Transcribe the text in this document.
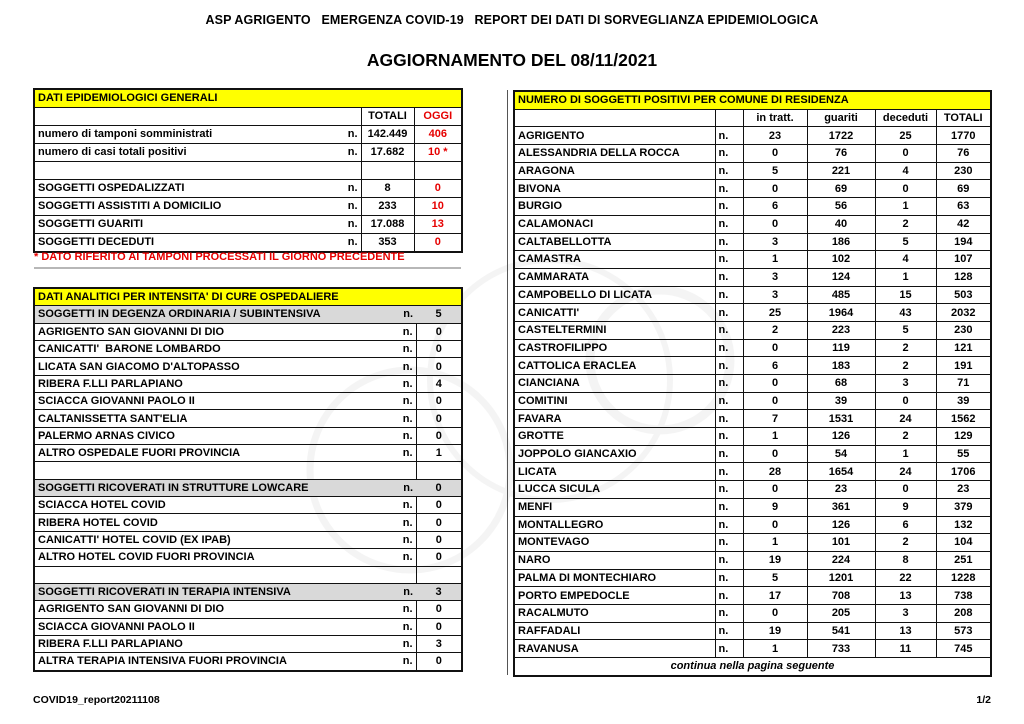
ASP AGRIGENTO   EMERGENZA COVID-19   REPORT DEI DATI DI SORVEGLIANZA EPIDEMIOLOGICA
AGGIORNAMENTO DEL 08/11/2021
DATI EPIDEMIOLOGICI GENERALI			
		TOTALI	OGGI
numero di tamponi somministrati	n.	142.449	406
numero di casi totali positivi	n.	17.682	10 *

SOGGETTI OSPEDALIZZATI	n.	8	0
SOGGETTI ASSISTITI A DOMICILIO	n.	233	10
SOGGETTI GUARITI	n.	17.088	13
SOGGETTI DECEDUTI	n.	353	0
* DATO RIFERITO AI TAMPONI PROCESSATI IL GIORNO PRECEDENTE
DATI ANALITICI PER INTENSITA' DI CURE OSPEDALIERE		
SOGGETTI IN DEGENZA ORDINARIA / SUBINTENSIVA	n.	5
AGRIGENTO SAN GIOVANNI DI DIO	n.	0
CANICATTI'  BARONE LOMBARDO	n.	0
LICATA SAN GIACOMO D'ALTOPASSO	n.	0
RIBERA F.LLI PARLAPIANO	n.	4
SCIACCA GIOVANNI PAOLO II	n.	0
CALTANISSETTA SANT'ELIA	n.	0
PALERMO ARNAS CIVICO	n.	0
ALTRO OSPEDALE FUORI PROVINCIA	n.	1

SOGGETTI RICOVERATI IN STRUTTURE LOWCARE	n.	0
SCIACCA HOTEL COVID	n.	0
RIBERA HOTEL COVID	n.	0
CANICATTI' HOTEL COVID (EX IPAB)	n.	0
ALTRO HOTEL COVID FUORI PROVINCIA	n.	0

SOGGETTI RICOVERATI IN TERAPIA INTENSIVA	n.	3
AGRIGENTO SAN GIOVANNI DI DIO	n.	0
SCIACCA GIOVANNI PAOLO II	n.	0
RIBERA F.LLI PARLAPIANO	n.	3
ALTRA TERAPIA INTENSIVA FUORI PROVINCIA	n.	0
NUMERO DI SOGGETTI POSITIVI PER COMUNE DI RESIDENZA					
		in tratt.	guariti	deceduti	TOTALI
AGRIGENTO	n.	23	1722	25	1770
ALESSANDRIA DELLA ROCCA	n.	0	76	0	76
ARAGONA	n.	5	221	4	230
BIVONA	n.	0	69	0	69
BURGIO	n.	6	56	1	63
CALAMONACI	n.	0	40	2	42
CALTABELLOTTA	n.	3	186	5	194
CAMASTRA	n.	1	102	4	107
CAMMARATA	n.	3	124	1	128
CAMPOBELLO DI LICATA	n.	3	485	15	503
CANICATTI'	n.	25	1964	43	2032
CASTELTERMINI	n.	2	223	5	230
CASTROFILIPPO	n.	0	119	2	121
CATTOLICA ERACLEA	n.	6	183	2	191
CIANCIANA	n.	0	68	3	71
COMITINI	n.	0	39	0	39
FAVARA	n.	7	1531	24	1562
GROTTE	n.	1	126	2	129
JOPPOLO GIANCAXIO	n.	0	54	1	55
LICATA	n.	28	1654	24	1706
LUCCA SICULA	n.	0	23	0	23
MENFI	n.	9	361	9	379
MONTALLEGRO	n.	0	126	6	132
MONTEVAGO	n.	1	101	2	104
NARO	n.	19	224	8	251
PALMA DI MONTECHIARO	n.	5	1201	22	1228
PORTO EMPEDOCLE	n.	17	708	13	738
RACALMUTO	n.	0	205	3	208
RAFFADALI	n.	19	541	13	573
RAVANUSA	n.	1	733	11	745
continua nella pagina seguente					
COVID19_report20211108	1/2
